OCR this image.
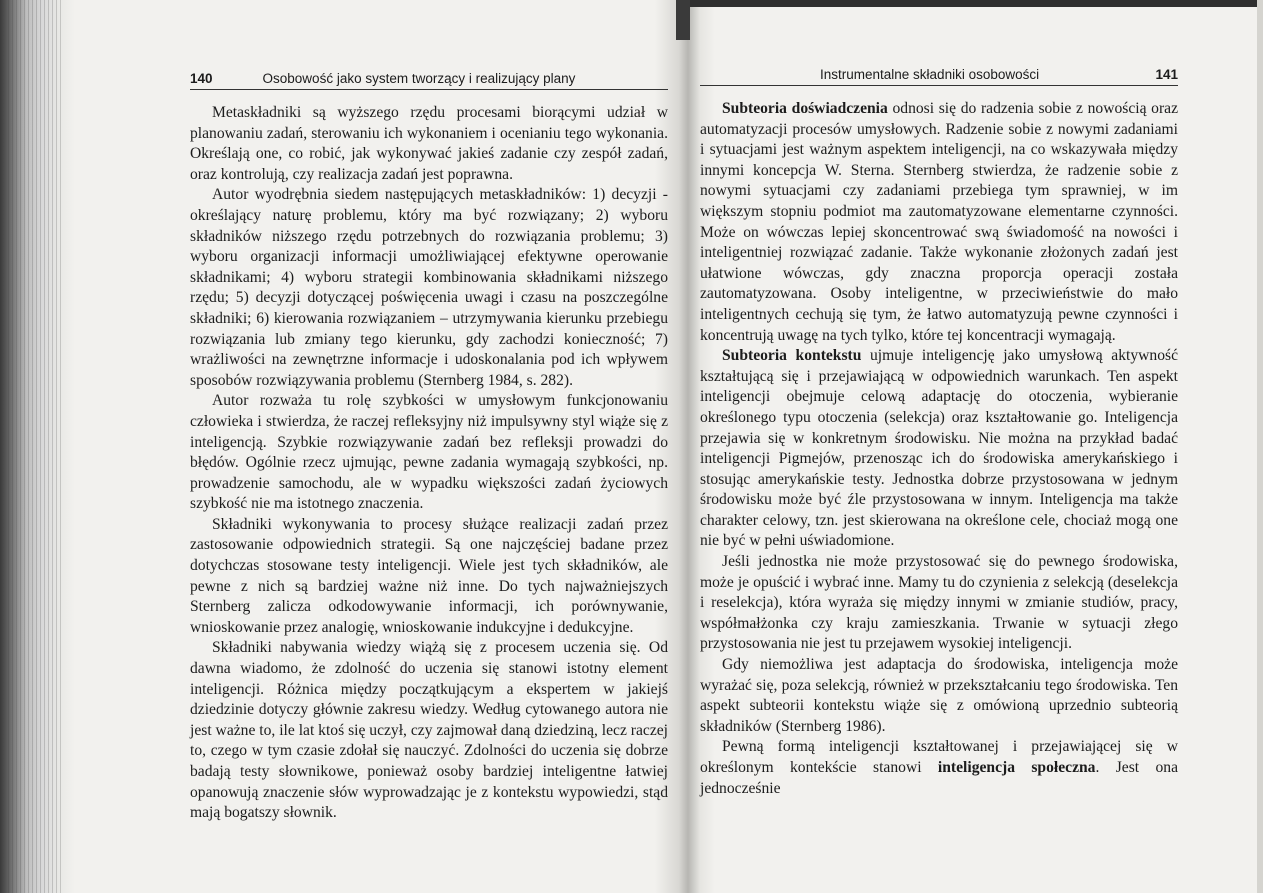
140	Osobowość jako system tworzący i realizujący plany

Metaskładniki są wyższego rzędu procesami biorącymi udział w planowaniu zadań, sterowaniu ich wykonaniem i ocenianiu tego wykonania. Określają one, co robić, jak wykonywać jakieś zadanie czy zespół zadań, oraz kontrolują, czy realizacja zadań jest poprawna.

Autor wyodrębnia siedem następujących metaskładników: 1) decyzji - określający naturę problemu, który ma być rozwiązany; 2) wyboru składników niższego rzędu potrzebnych do rozwiązania problemu; 3) wyboru organizacji informacji umożliwiającej efektywne operowanie składnikami; 4) wyboru strategii kombinowania składnikami niższego rzędu; 5) decyzji dotyczącej poświęcenia uwagi i czasu na poszczególne składniki; 6) kierowania rozwiązaniem – utrzymywania kierunku przebiegu rozwiązania lub zmiany tego kierunku, gdy zachodzi konieczność; 7) wrażliwości na zewnętrzne informacje i udoskonalania pod ich wpływem sposobów rozwiązywania problemu (Sternberg 1984, s. 282).

Autor rozważa tu rolę szybkości w umysłowym funkcjonowaniu człowieka i stwierdza, że raczej refleksyjny niż impulsywny styl wiąże się z inteligencją. Szybkie rozwiązywanie zadań bez refleksji prowadzi do błędów. Ogólnie rzecz ujmując, pewne zadania wymagają szybkości, np. prowadzenie samochodu, ale w wypadku większości zadań życiowych szybkość nie ma istotnego znaczenia.

Składniki wykonywania to procesy służące realizacji zadań przez zastosowanie odpowiednich strategii. Są one najczęściej badane przez dotychczas stosowane testy inteligencji. Wiele jest tych składników, ale pewne z nich są bardziej ważne niż inne. Do tych najważniejszych Sternberg zalicza odkodowywanie informacji, ich porównywanie, wnioskowanie przez analogię, wnioskowanie indukcyjne i dedukcyjne.

Składniki nabywania wiedzy wiążą się z procesem uczenia się. Od dawna wiadomo, że zdolność do uczenia się stanowi istotny element inteligencji. Różnica między początkującym a ekspertem w jakiejś dziedzinie dotyczy głównie zakresu wiedzy. Według cytowanego autora nie jest ważne to, ile lat ktoś się uczył, czy zajmował daną dziedziną, lecz raczej to, czego w tym czasie zdołał się nauczyć. Zdolności do uczenia się dobrze badają testy słownikowe, ponieważ osoby bardziej inteligentne łatwiej opanowują znaczenie słów wyprowadzając je z kontekstu wypowiedzi, stąd mają bogatszy słownik.

Instrumentalne składniki osobowości	141

Subteoria doświadczenia odnosi się do radzenia sobie z nowością oraz automatyzacji procesów umysłowych. Radzenie sobie z nowymi zadaniami i sytuacjami jest ważnym aspektem inteligencji, na co wskazywała między innymi koncepcja W. Sterna. Sternberg stwierdza, że radzenie sobie z nowymi sytuacjami czy zadaniami przebiega tym sprawniej, w im większym stopniu podmiot ma zautomatyzowane elementarne czynności. Może on wówczas lepiej skoncentrować swą świadomość na nowości i inteligentniej rozwiązać zadanie. Także wykonanie złożonych zadań jest ułatwione wówczas, gdy znaczna proporcja operacji została zautomatyzowana. Osoby inteligentne, w przeciwieństwie do mało inteligentnych cechują się tym, że łatwo automatyzują pewne czynności i koncentrują uwagę na tych tylko, które tej koncentracji wymagają.

Subteoria kontekstu ujmuje inteligencję jako umysłową aktywność kształtującą się i przejawiającą w odpowiednich warunkach. Ten aspekt inteligencji obejmuje celową adaptację do otoczenia, wybieranie określonego typu otoczenia (selekcja) oraz kształtowanie go. Inteligencja przejawia się w konkretnym środowisku. Nie można na przykład badać inteligencji Pigmejów, przenosząc ich do środowiska amerykańskiego i stosując amerykańskie testy. Jednostka dobrze przystosowana w jednym środowisku może być źle przystosowana w innym. Inteligencja ma także charakter celowy, tzn. jest skierowana na określone cele, chociaż mogą one nie być w pełni uświadomione.

Jeśli jednostka nie może przystosować się do pewnego środowiska, może je opuścić i wybrać inne. Mamy tu do czynienia z selekcją (deselekcja i reselekcja), która wyraża się między innymi w zmianie studiów, pracy, współmałżonka czy kraju zamieszkania. Trwanie w sytuacji złego przystosowania nie jest tu przejawem wysokiej inteligencji.

Gdy niemożliwa jest adaptacja do środowiska, inteligencja może wyrażać się, poza selekcją, również w przekształcaniu tego środowiska. Ten aspekt subteorii kontekstu wiąże się z omówioną uprzednio subteorią składników (Sternberg 1986).

Pewną formą inteligencji kształtowanej i przejawiającej się w określonym kontekście stanowi inteligencja społeczna. Jest ona jednocześnie
